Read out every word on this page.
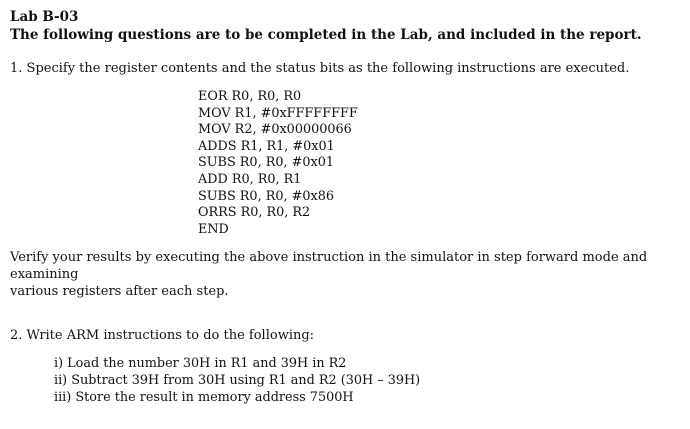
Lab B-03

The following questions are to be completed in the Lab, and included in the report.

1. Specify the register contents and the status bits as the following instructions are executed.

EOR R0, R0, R0
MOV R1, #0xFFFFFFFF
MOV R2, #0x00000066
ADDS R1, R1, #0x01
SUBS R0, R0, #0x01
ADD R0, R0, R1
SUBS R0, R0, #0x86
ORRS R0, R0, R2
END

Verify your results by executing the above instruction in the simulator in step forward mode and examining

various registers after each step.

2. Write ARM instructions to do the following:

i) Load the number 30H in R1 and 39H in R2
ii) Subtract 39H from 30H using R1 and R2 (30H – 39H)
iii) Store the result in memory address 7500H
